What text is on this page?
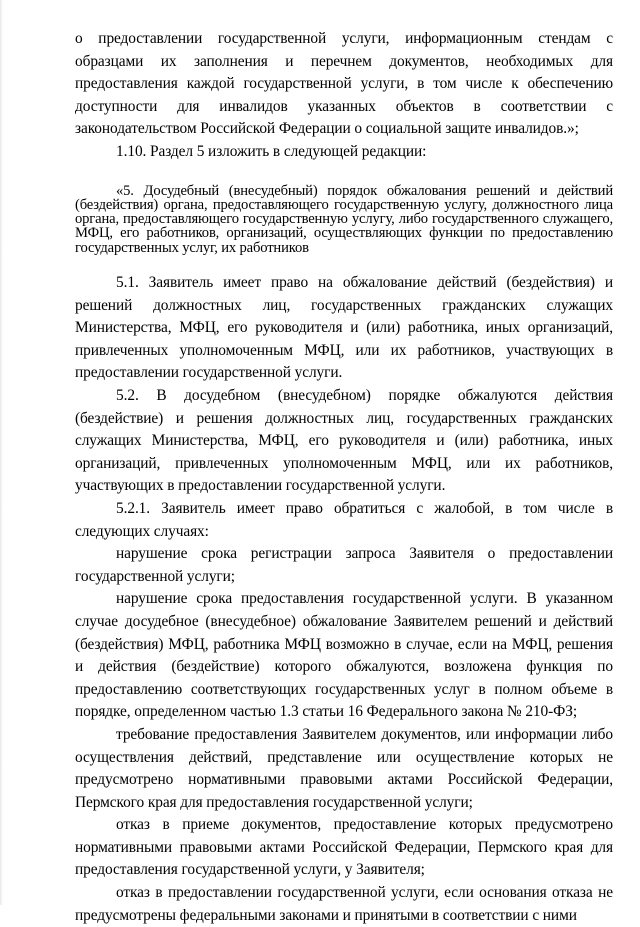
о предоставлении государственной услуги, информационным стендам с образцами их заполнения и перечнем документов, необходимых для предоставления каждой государственной услуги, в том числе к обеспечению доступности для инвалидов указанных объектов в соответствии с законодательством Российской Федерации о социальной защите инвалидов.»;

1.10. Раздел 5 изложить в следующей редакции:

«5. Досудебный (внесудебный) порядок обжалования решений и действий (бездействия) органа, предоставляющего государственную услугу, должностного лица органа, предоставляющего государственную услугу, либо государственного служащего, МФЦ, его работников, организаций, осуществляющих функции по предоставлению государственных услуг, их работников

5.1. Заявитель имеет право на обжалование действий (бездействия) и решений должностных лиц, государственных гражданских служащих Министерства, МФЦ, его руководителя и (или) работника, иных организаций, привлеченных уполномоченным МФЦ, или их работников, участвующих в предоставлении государственной услуги.

5.2. В досудебном (внесудебном) порядке обжалуются действия (бездействие) и решения должностных лиц, государственных гражданских служащих Министерства, МФЦ, его руководителя и (или) работника, иных организаций, привлеченных уполномоченным МФЦ, или их работников, участвующих в предоставлении государственной услуги.

5.2.1. Заявитель имеет право обратиться с жалобой, в том числе в следующих случаях:

нарушение срока регистрации запроса Заявителя о предоставлении государственной услуги;

нарушение срока предоставления государственной услуги. В указанном случае досудебное (внесудебное) обжалование Заявителем решений и действий (бездействия) МФЦ, работника МФЦ возможно в случае, если на МФЦ, решения и действия (бездействие) которого обжалуются, возложена функция по предоставлению соответствующих государственных услуг в полном объеме в порядке, определенном частью 1.3 статьи 16 Федерального закона № 210-ФЗ;

требование предоставления Заявителем документов, или информации либо осуществления действий, представление или осуществление которых не предусмотрено нормативными правовыми актами Российской Федерации, Пермского края для предоставления государственной услуги;

отказ в приеме документов, предоставление которых предусмотрено нормативными правовыми актами Российской Федерации, Пермского края для предоставления государственной услуги, у Заявителя;

отказ в предоставлении государственной услуги, если основания отказа не предусмотрены федеральными законами и принятыми в соответствии с ними
